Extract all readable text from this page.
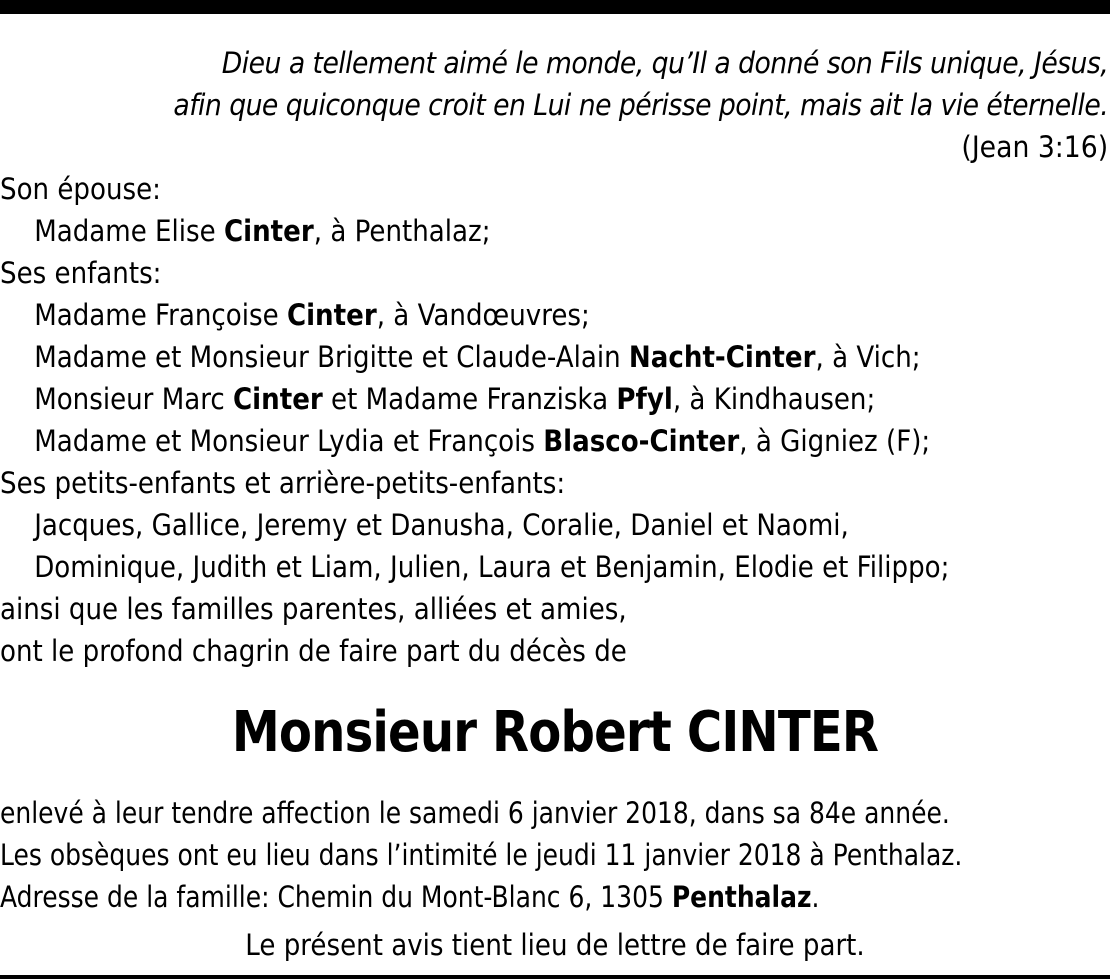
Dieu a tellement aimé le monde, qu’Il a donné son Fils unique, Jésus,
afin que quiconque croit en Lui ne périsse point, mais ait la vie éternelle.
(Jean 3:16)
Son épouse:
Madame Elise Cinter, à Penthalaz;
Ses enfants:
Madame Françoise Cinter, à Vandœuvres;
Madame et Monsieur Brigitte et Claude-Alain Nacht-Cinter, à Vich;
Monsieur Marc Cinter et Madame Franziska Pfyl, à Kindhausen;
Madame et Monsieur Lydia et François Blasco-Cinter, à Gigniez (F);
Ses petits-enfants et arrière-petits-enfants:
Jacques, Gallice, Jeremy et Danusha, Coralie, Daniel et Naomi,
Dominique, Judith et Liam, Julien, Laura et Benjamin, Elodie et Filippo;
ainsi que les familles parentes, alliées et amies,
ont le profond chagrin de faire part du décès de
Monsieur Robert CINTER
enlevé à leur tendre affection le samedi 6 janvier 2018, dans sa 84e année.
Les obsèques ont eu lieu dans l’intimité le jeudi 11 janvier 2018 à Penthalaz.
Adresse de la famille: Chemin du Mont-Blanc 6, 1305 Penthalaz.
Le présent avis tient lieu de lettre de faire part.
